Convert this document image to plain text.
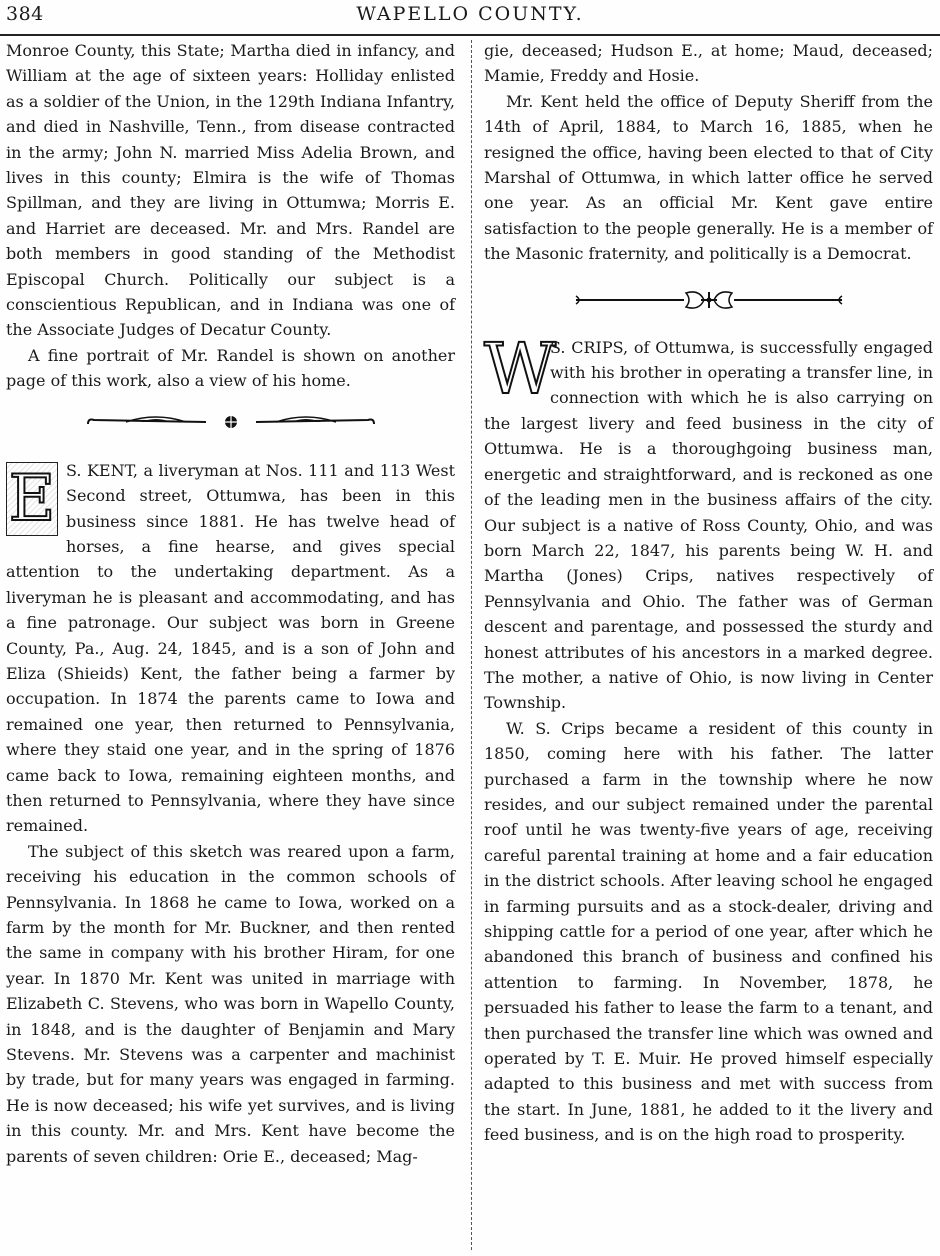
384	WAPELLO COUNTY.

Monroe County, this State; Martha died in infancy, and William at the age of sixteen years: Holliday enlisted as a soldier of the Union, in the 129th Indiana Infantry, and died in Nashville, Tenn., from disease contracted in the army; John N. married Miss Adelia Brown, and lives in this county; Elmira is the wife of Thomas Spillman, and they are living in Ottumwa; Morris E. and Harriet are deceased. Mr. and Mrs. Randel are both members in good standing of the Methodist Episcopal Church. Politically our subject is a conscientious Republican, and in Indiana was one of the Associate Judges of Decatur County.

A fine portrait of Mr. Randel is shown on another page of this work, also a view of his home.

E S. KENT, a liveryman at Nos. 111 and 113 West Second street, Ottumwa, has been in this business since 1881. He has twelve head of horses, a fine hearse, and gives special attention to the undertaking department. As a liveryman he is pleasant and accommodating, and has a fine patronage. Our subject was born in Greene County, Pa., Aug. 24, 1845, and is a son of John and Eliza (Shieids) Kent, the father being a farmer by occupation. In 1874 the parents came to Iowa and remained one year, then returned to Pennsylvania, where they staid one year, and in the spring of 1876 came back to Iowa, remaining eighteen months, and then returned to Pennsylvania, where they have since remained.

The subject of this sketch was reared upon a farm, receiving his education in the common schools of Pennsylvania. In 1868 he came to Iowa, worked on a farm by the month for Mr. Buckner, and then rented the same in company with his brother Hiram, for one year. In 1870 Mr. Kent was united in marriage with Elizabeth C. Stevens, who was born in Wapello County, in 1848, and is the daughter of Benjamin and Mary Stevens. Mr. Stevens was a carpenter and machinist by trade, but for many years was engaged in farming. He is now deceased; his wife yet survives, and is living in this county. Mr. and Mrs. Kent have become the parents of seven children: Orie E., deceased; Mag-

gie, deceased; Hudson E., at home; Maud, deceased; Mamie, Freddy and Hosie.

Mr. Kent held the office of Deputy Sheriff from the 14th of April, 1884, to March 16, 1885, when he resigned the office, having been elected to that of City Marshal of Ottumwa, in which latter office he served one year. As an official Mr. Kent gave entire satisfaction to the people generally. He is a member of the Masonic fraternity, and politically is a Democrat.

W

S. CRIPS, of Ottumwa, is successfully engaged with his brother in operating a transfer line, in connection with which he is also carrying on the largest livery and feed business in the city of Ottumwa. He is a thoroughgoing business man, energetic and straightforward, and is reckoned as one of the leading men in the business affairs of the city. Our subject is a native of Ross County, Ohio, and was born March 22, 1847, his parents being W. H. and Martha (Jones) Crips, natives respectively of Pennsylvania and Ohio. The father was of German descent and parentage, and possessed the sturdy and honest attributes of his ancestors in a marked degree. The mother, a native of Ohio, is now living in Center Township.

W. S. Crips became a resident of this county in 1850, coming here with his father. The latter purchased a farm in the township where he now resides, and our subject remained under the parental roof until he was twenty-five years of age, receiving careful parental training at home and a fair education in the district schools. After leaving school he engaged in farming pursuits and as a stock-dealer, driving and shipping cattle for a period of one year, after which he abandoned this branch of business and confined his attention to farming. In November, 1878, he persuaded his father to lease the farm to a tenant, and then purchased the transfer line which was owned and operated by T. E. Muir. He proved himself especially adapted to this business and met with success from the start. In June, 1881, he added to it the livery and feed business, and is on the high road to prosperity.
